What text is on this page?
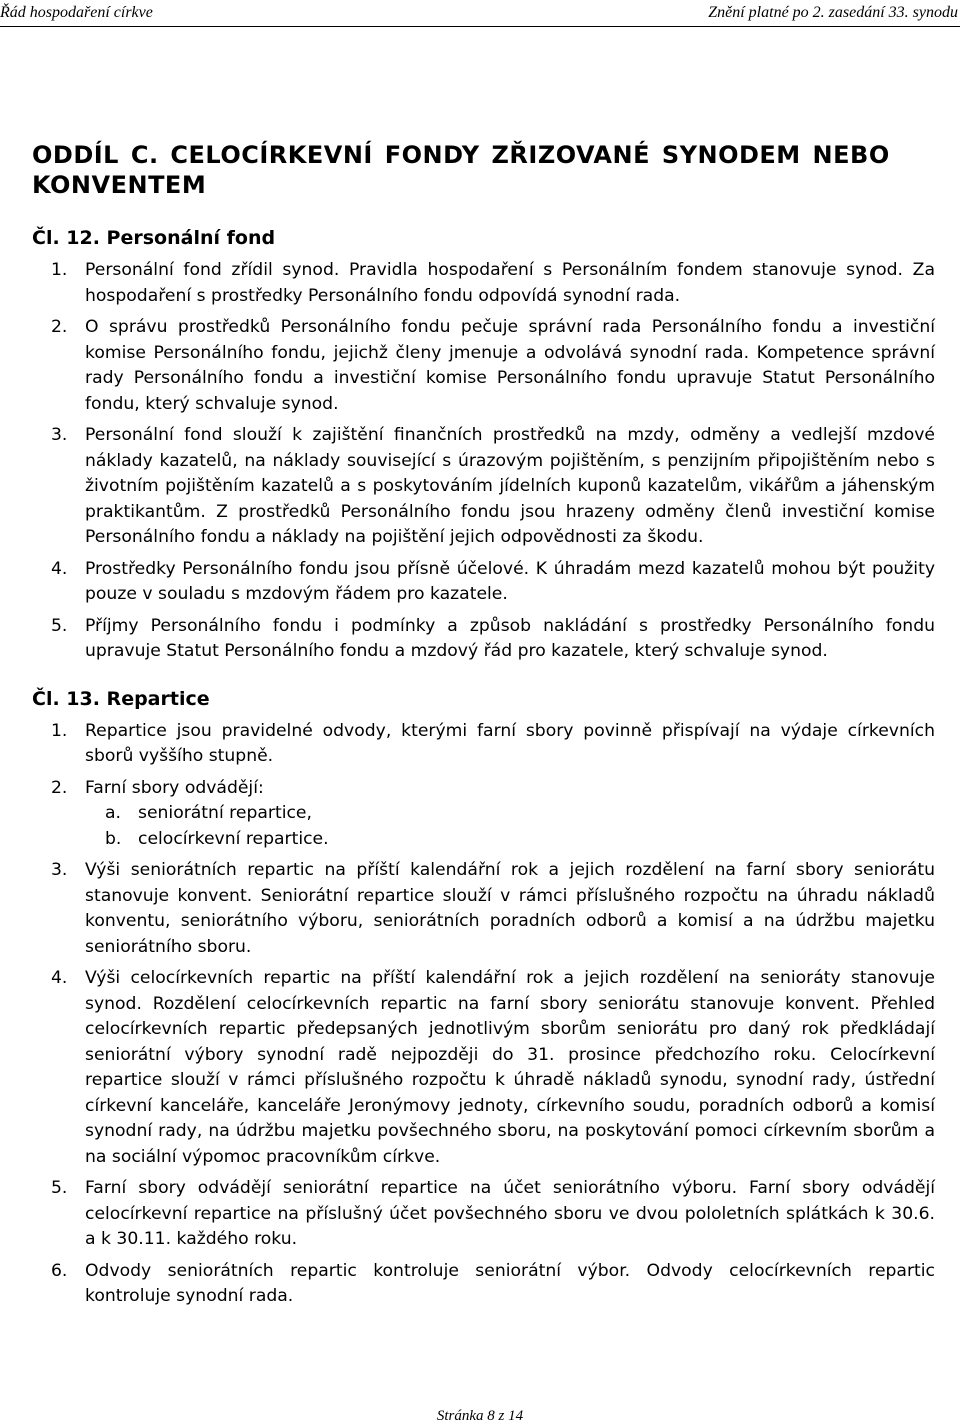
Řád hospodaření církve	Znění platné po 2. zasedání 33. synodu
ODDÍL C. CELOCÍRKEVNÍ FONDY ZŘIZOVANÉ SYNODEM NEBO KONVENTEM
Čl. 12. Personální fond
1. Personální fond zřídil synod. Pravidla hospodaření s Personálním fondem stanovuje synod. Za hospodaření s prostředky Personálního fondu odpovídá synodní rada.
2. O správu prostředků Personálního fondu pečuje správní rada Personálního fondu a investiční komise Personálního fondu, jejichž členy jmenuje a odvolává synodní rada. Kompetence správní rady Personálního fondu a investiční komise Personálního fondu upravuje Statut Personálního fondu, který schvaluje synod.
3. Personální fond slouží k zajištění finančních prostředků na mzdy, odměny a vedlejší mzdové náklady kazatelů, na náklady související s úrazovým pojištěním, s penzijním připojištěním nebo s životním pojištěním kazatelů a s poskytováním jídelních kuponů kazatelům, vikářům a jáhenským praktikantům. Z prostředků Personálního fondu jsou hrazeny odměny členů investiční komise Personálního fondu a náklady na pojištění jejich odpovědnosti za škodu.
4. Prostředky Personálního fondu jsou přísně účelové. K úhradám mezd kazatelů mohou být použity pouze v souladu s mzdovým řádem pro kazatele.
5. Příjmy Personálního fondu i podmínky a způsob nakládání s prostředky Personálního fondu upravuje Statut Personálního fondu a mzdový řád pro kazatele, který schvaluje synod.
Čl. 13. Repartice
1. Repartice jsou pravidelné odvody, kterými farní sbory povinně přispívají na výdaje církevních sborů vyššího stupně.
2. Farní sbory odvádějí:
a. seniorátní repartice,
b. celocírkevní repartice.
3. Výši seniorátních repartic na příští kalendářní rok a jejich rozdělení na farní sbory seniorátu stanovuje konvent. Seniorátní repartice slouží v rámci příslušného rozpočtu na úhradu nákladů konventu, seniorátního výboru, seniorátních poradních odborů a komisí a na údržbu majetku seniorátního sboru.
4. Výši celocírkevních repartic na příští kalendářní rok a jejich rozdělení na senioráty stanovuje synod. Rozdělení celocírkevních repartic na farní sbory seniorátu stanovuje konvent. Přehled celocírkevních repartic předepsaných jednotlivým sborům seniorátu pro daný rok předkládají seniorátní výbory synodní radě nejpozději do 31. prosince předchozího roku. Celocírkevní repartice slouží v rámci příslušného rozpočtu k úhradě nákladů synodu, synodní rady, ústřední církevní kanceláře, kanceláře Jeronýmovy jednoty, církevního soudu, poradních odborů a komisí synodní rady, na údržbu majetku povšechného sboru, na poskytování pomoci církevním sborům a na sociální výpomoc pracovníkům církve.
5. Farní sbory odvádějí seniorátní repartice na účet seniorátního výboru. Farní sbory odvádějí celocírkevní repartice na příslušný účet povšechného sboru ve dvou pololetních splátkách k 30.6. a k 30.11. každého roku.
6. Odvody seniorátních repartic kontroluje seniorátní výbor. Odvody celocírkevních repartic kontroluje synodní rada.
Stránka 8 z 14
